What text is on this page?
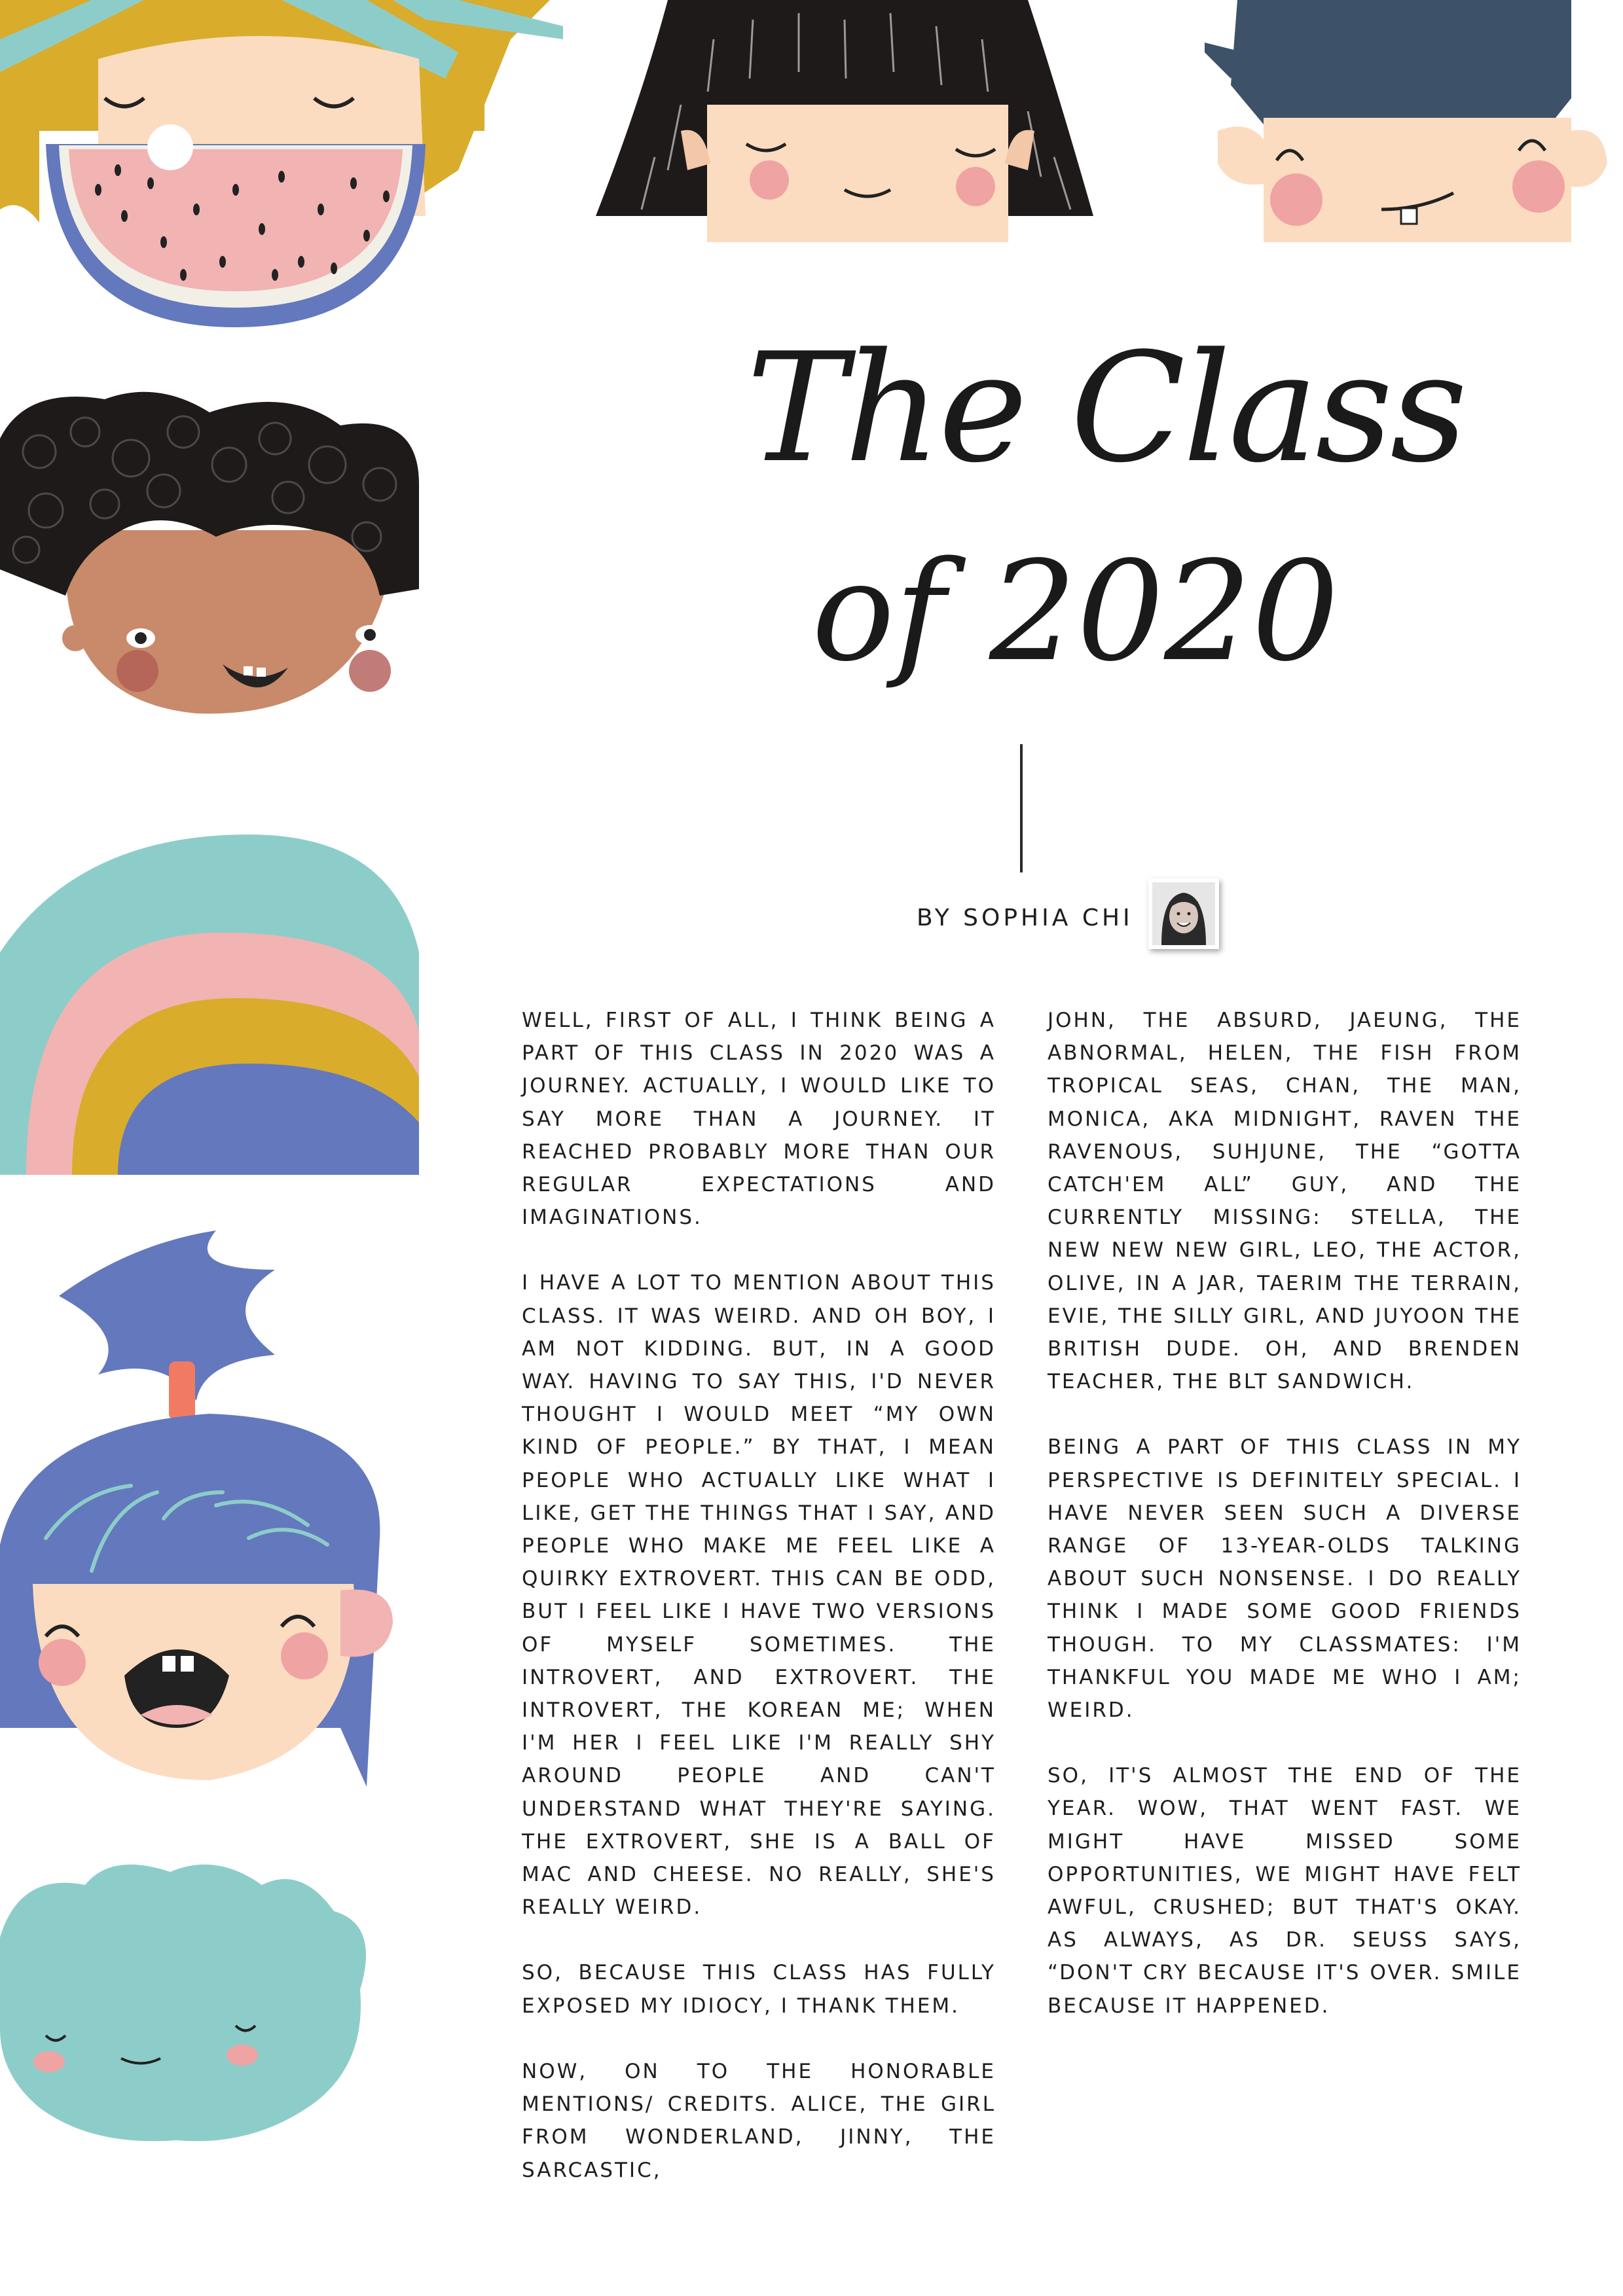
The Class
of 2020
BY SOPHIA CHI

WELL, FIRST OF ALL, I THINK BEING A PART OF THIS CLASS IN 2020 WAS A JOURNEY. ACTUALLY, I WOULD LIKE TO SAY MORE THAN A JOURNEY. IT REACHED PROBABLY MORE THAN OUR REGULAR EXPECTATIONS AND IMAGINATIONS.

I HAVE A LOT TO MENTION ABOUT THIS CLASS. IT WAS WEIRD. AND OH BOY, I AM NOT KIDDING. BUT, IN A GOOD WAY. HAVING TO SAY THIS, I'D NEVER THOUGHT I WOULD MEET “MY OWN KIND OF PEOPLE.” BY THAT, I MEAN PEOPLE WHO ACTUALLY LIKE WHAT I LIKE, GET THE THINGS THAT I SAY, AND PEOPLE WHO MAKE ME FEEL LIKE A QUIRKY EXTROVERT. THIS CAN BE ODD, BUT I FEEL LIKE I HAVE TWO VERSIONS OF MYSELF SOMETIMES. THE INTROVERT, AND EXTROVERT. THE INTROVERT, THE KOREAN ME; WHEN I'M HER I FEEL LIKE I'M REALLY SHY AROUND PEOPLE AND CAN'T UNDERSTAND WHAT THEY'RE SAYING. THE EXTROVERT, SHE IS A BALL OF MAC AND CHEESE. NO REALLY, SHE'S REALLY WEIRD.

SO, BECAUSE THIS CLASS HAS FULLY EXPOSED MY IDIOCY, I THANK THEM.

NOW, ON TO THE HONORABLE MENTIONS/ CREDITS. ALICE, THE GIRL FROM WONDERLAND, JINNY, THE SARCASTIC,

JOHN, THE ABSURD, JAEUNG, THE ABNORMAL, HELEN, THE FISH FROM TROPICAL SEAS, CHAN, THE MAN, MONICA, AKA MIDNIGHT, RAVEN THE RAVENOUS, SUHJUNE, THE “GOTTA CATCH'EM ALL” GUY, AND THE CURRENTLY MISSING: STELLA, THE NEW NEW NEW GIRL, LEO, THE ACTOR, OLIVE, IN A JAR, TAERIM THE TERRAIN, EVIE, THE SILLY GIRL, AND JUYOON THE BRITISH DUDE. OH, AND BRENDEN TEACHER, THE BLT SANDWICH.

BEING A PART OF THIS CLASS IN MY PERSPECTIVE IS DEFINITELY SPECIAL. I HAVE NEVER SEEN SUCH A DIVERSE RANGE OF 13-YEAR-OLDS TALKING ABOUT SUCH NONSENSE. I DO REALLY THINK I MADE SOME GOOD FRIENDS THOUGH. TO MY CLASSMATES: I'M THANKFUL YOU MADE ME WHO I AM; WEIRD.

SO, IT'S ALMOST THE END OF THE YEAR. WOW, THAT WENT FAST. WE MIGHT HAVE MISSED SOME OPPORTUNITIES, WE MIGHT HAVE FELT AWFUL, CRUSHED; BUT THAT'S OKAY. AS ALWAYS, AS DR. SEUSS SAYS, “DON'T CRY BECAUSE IT'S OVER. SMILE BECAUSE IT HAPPENED.
